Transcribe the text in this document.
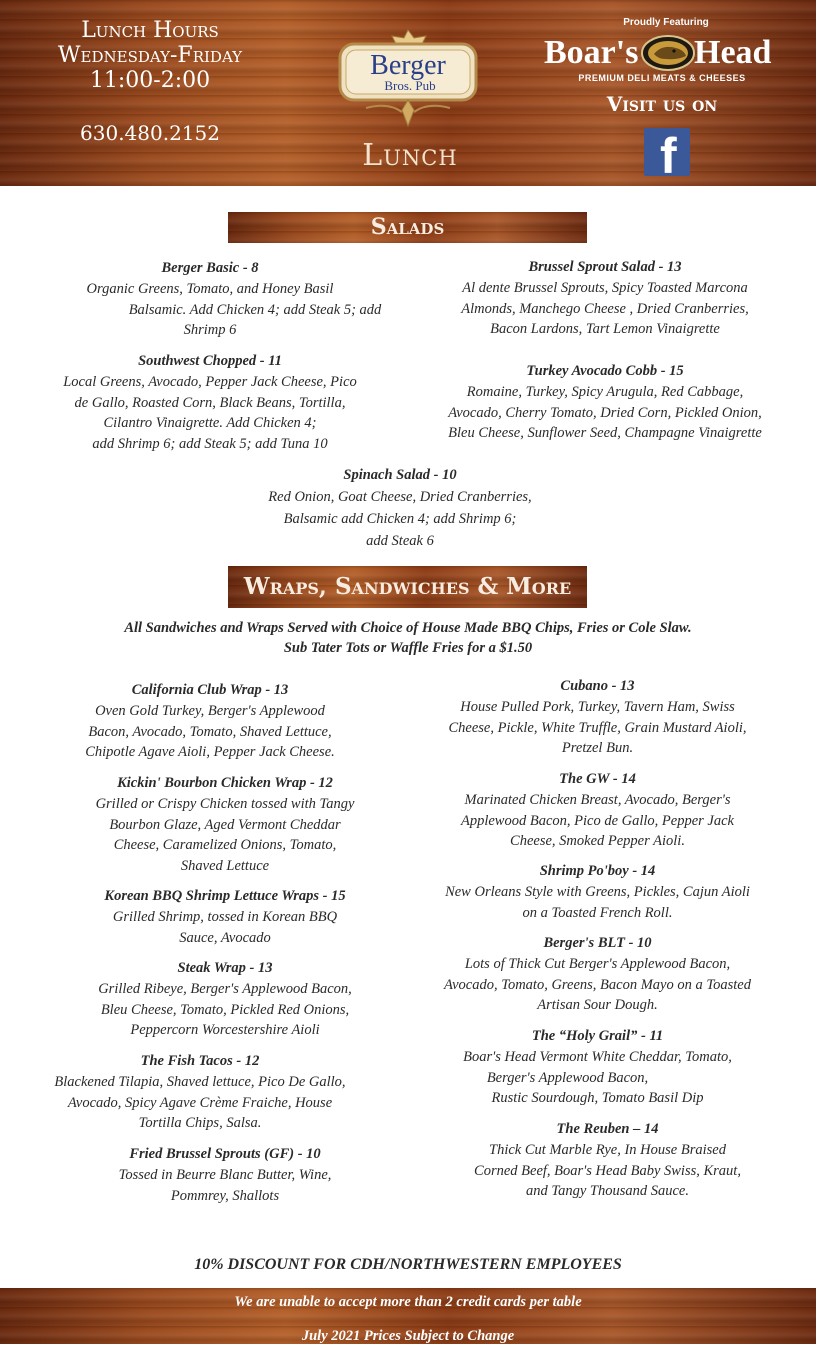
Lunch Hours
Wednesday-Friday
11:00-2:00
630.480.2152
Berger
Bros. Pub
Lunch
Proudly Featuring
Boar's Head
PREMIUM DELI MEATS & CHEESES
Visit us on
f
Salads
Berger Basic - 8
Organic Greens, Tomato, and Honey Basil
Balsamic. Add Chicken 4; add Steak 5; add
Shrimp 6
Brussel Sprout Salad - 13
Al dente Brussel Sprouts, Spicy Toasted Marcona
Almonds, Manchego Cheese , Dried Cranberries,
Bacon Lardons, Tart Lemon Vinaigrette
Southwest Chopped - 11
Local Greens, Avocado, Pepper Jack Cheese, Pico
de Gallo, Roasted Corn, Black Beans, Tortilla,
Cilantro Vinaigrette. Add Chicken 4;
add Shrimp 6; add Steak 5; add Tuna 10
Turkey Avocado Cobb - 15
Romaine, Turkey, Spicy Arugula, Red Cabbage,
Avocado, Cherry Tomato, Dried Corn, Pickled Onion,
Bleu Cheese, Sunflower Seed, Champagne Vinaigrette
Spinach Salad - 10
Red Onion, Goat Cheese, Dried Cranberries,
Balsamic add Chicken 4; add Shrimp 6;
add Steak 6
Wraps, Sandwiches & More
All Sandwiches and Wraps Served with Choice of House Made BBQ Chips, Fries or Cole Slaw.
Sub Tater Tots or Waffle Fries for a $1.50
California Club Wrap - 13
Oven Gold Turkey, Berger's Applewood
Bacon, Avocado, Tomato, Shaved Lettuce,
Chipotle Agave Aioli, Pepper Jack Cheese.
Kickin' Bourbon Chicken Wrap - 12
Grilled or Crispy Chicken tossed with Tangy
Bourbon Glaze, Aged Vermont Cheddar
Cheese, Caramelized Onions, Tomato,
Shaved Lettuce
Korean BBQ Shrimp Lettuce Wraps - 15
Grilled Shrimp, tossed in Korean BBQ
Sauce, Avocado
Steak Wrap - 13
Grilled Ribeye, Berger's Applewood Bacon,
Bleu Cheese, Tomato, Pickled Red Onions,
Peppercorn Worcestershire Aioli
The Fish Tacos - 12
Blackened Tilapia, Shaved lettuce, Pico De Gallo,
Avocado, Spicy Agave Crème Fraiche, House
Tortilla Chips, Salsa.
Fried Brussel Sprouts (GF) - 10
Tossed in Beurre Blanc Butter, Wine,
Pommrey, Shallots
Cubano - 13
House Pulled Pork, Turkey, Tavern Ham, Swiss
Cheese, Pickle, White Truffle, Grain Mustard Aioli,
Pretzel Bun.
The GW - 14
Marinated Chicken Breast, Avocado, Berger's
Applewood Bacon, Pico de Gallo, Pepper Jack
Cheese, Smoked Pepper Aioli.
Shrimp Po'boy - 14
New Orleans Style with Greens, Pickles, Cajun Aioli
on a Toasted French Roll.
Berger's BLT - 10
Lots of Thick Cut Berger's Applewood Bacon,
Avocado, Tomato, Greens, Bacon Mayo on a Toasted
Artisan Sour Dough.
The “Holy Grail” - 11
Boar's Head Vermont White Cheddar, Tomato,
Berger's Applewood Bacon,
Rustic Sourdough, Tomato Basil Dip
The Reuben – 14
Thick Cut Marble Rye, In House Braised
Corned Beef, Boar's Head Baby Swiss, Kraut,
and Tangy Thousand Sauce.
10% DISCOUNT FOR CDH/NORTHWESTERN EMPLOYEES
We are unable to accept more than 2 credit cards per table
July 2021 Prices Subject to Change
